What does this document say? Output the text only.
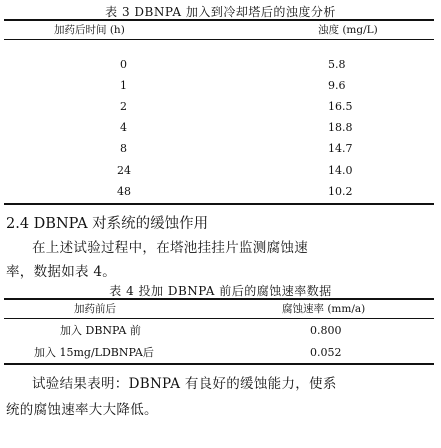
表 3 DBNPA 加入到冷却塔后的浊度分析
加药后时间 (h)	浊度 (mg/L)
0	5.8
1	9.6
2	16.5
4	18.8
8	14.7
24	14.0
48	10.2
2.4 DBNPA 对系统的缓蚀作用
在上述试验过程中，在塔池挂挂片监测腐蚀速
率，数据如表 4。
表 4 投加 DBNPA 前后的腐蚀速率数据
加药前后	腐蚀速率 (mm/a)
加入 DBNPA 前	0.800
加入 15mg/LDBNPA后	0.052
试验结果表明：DBNPA 有良好的缓蚀能力，使系
统的腐蚀速率大大降低。
